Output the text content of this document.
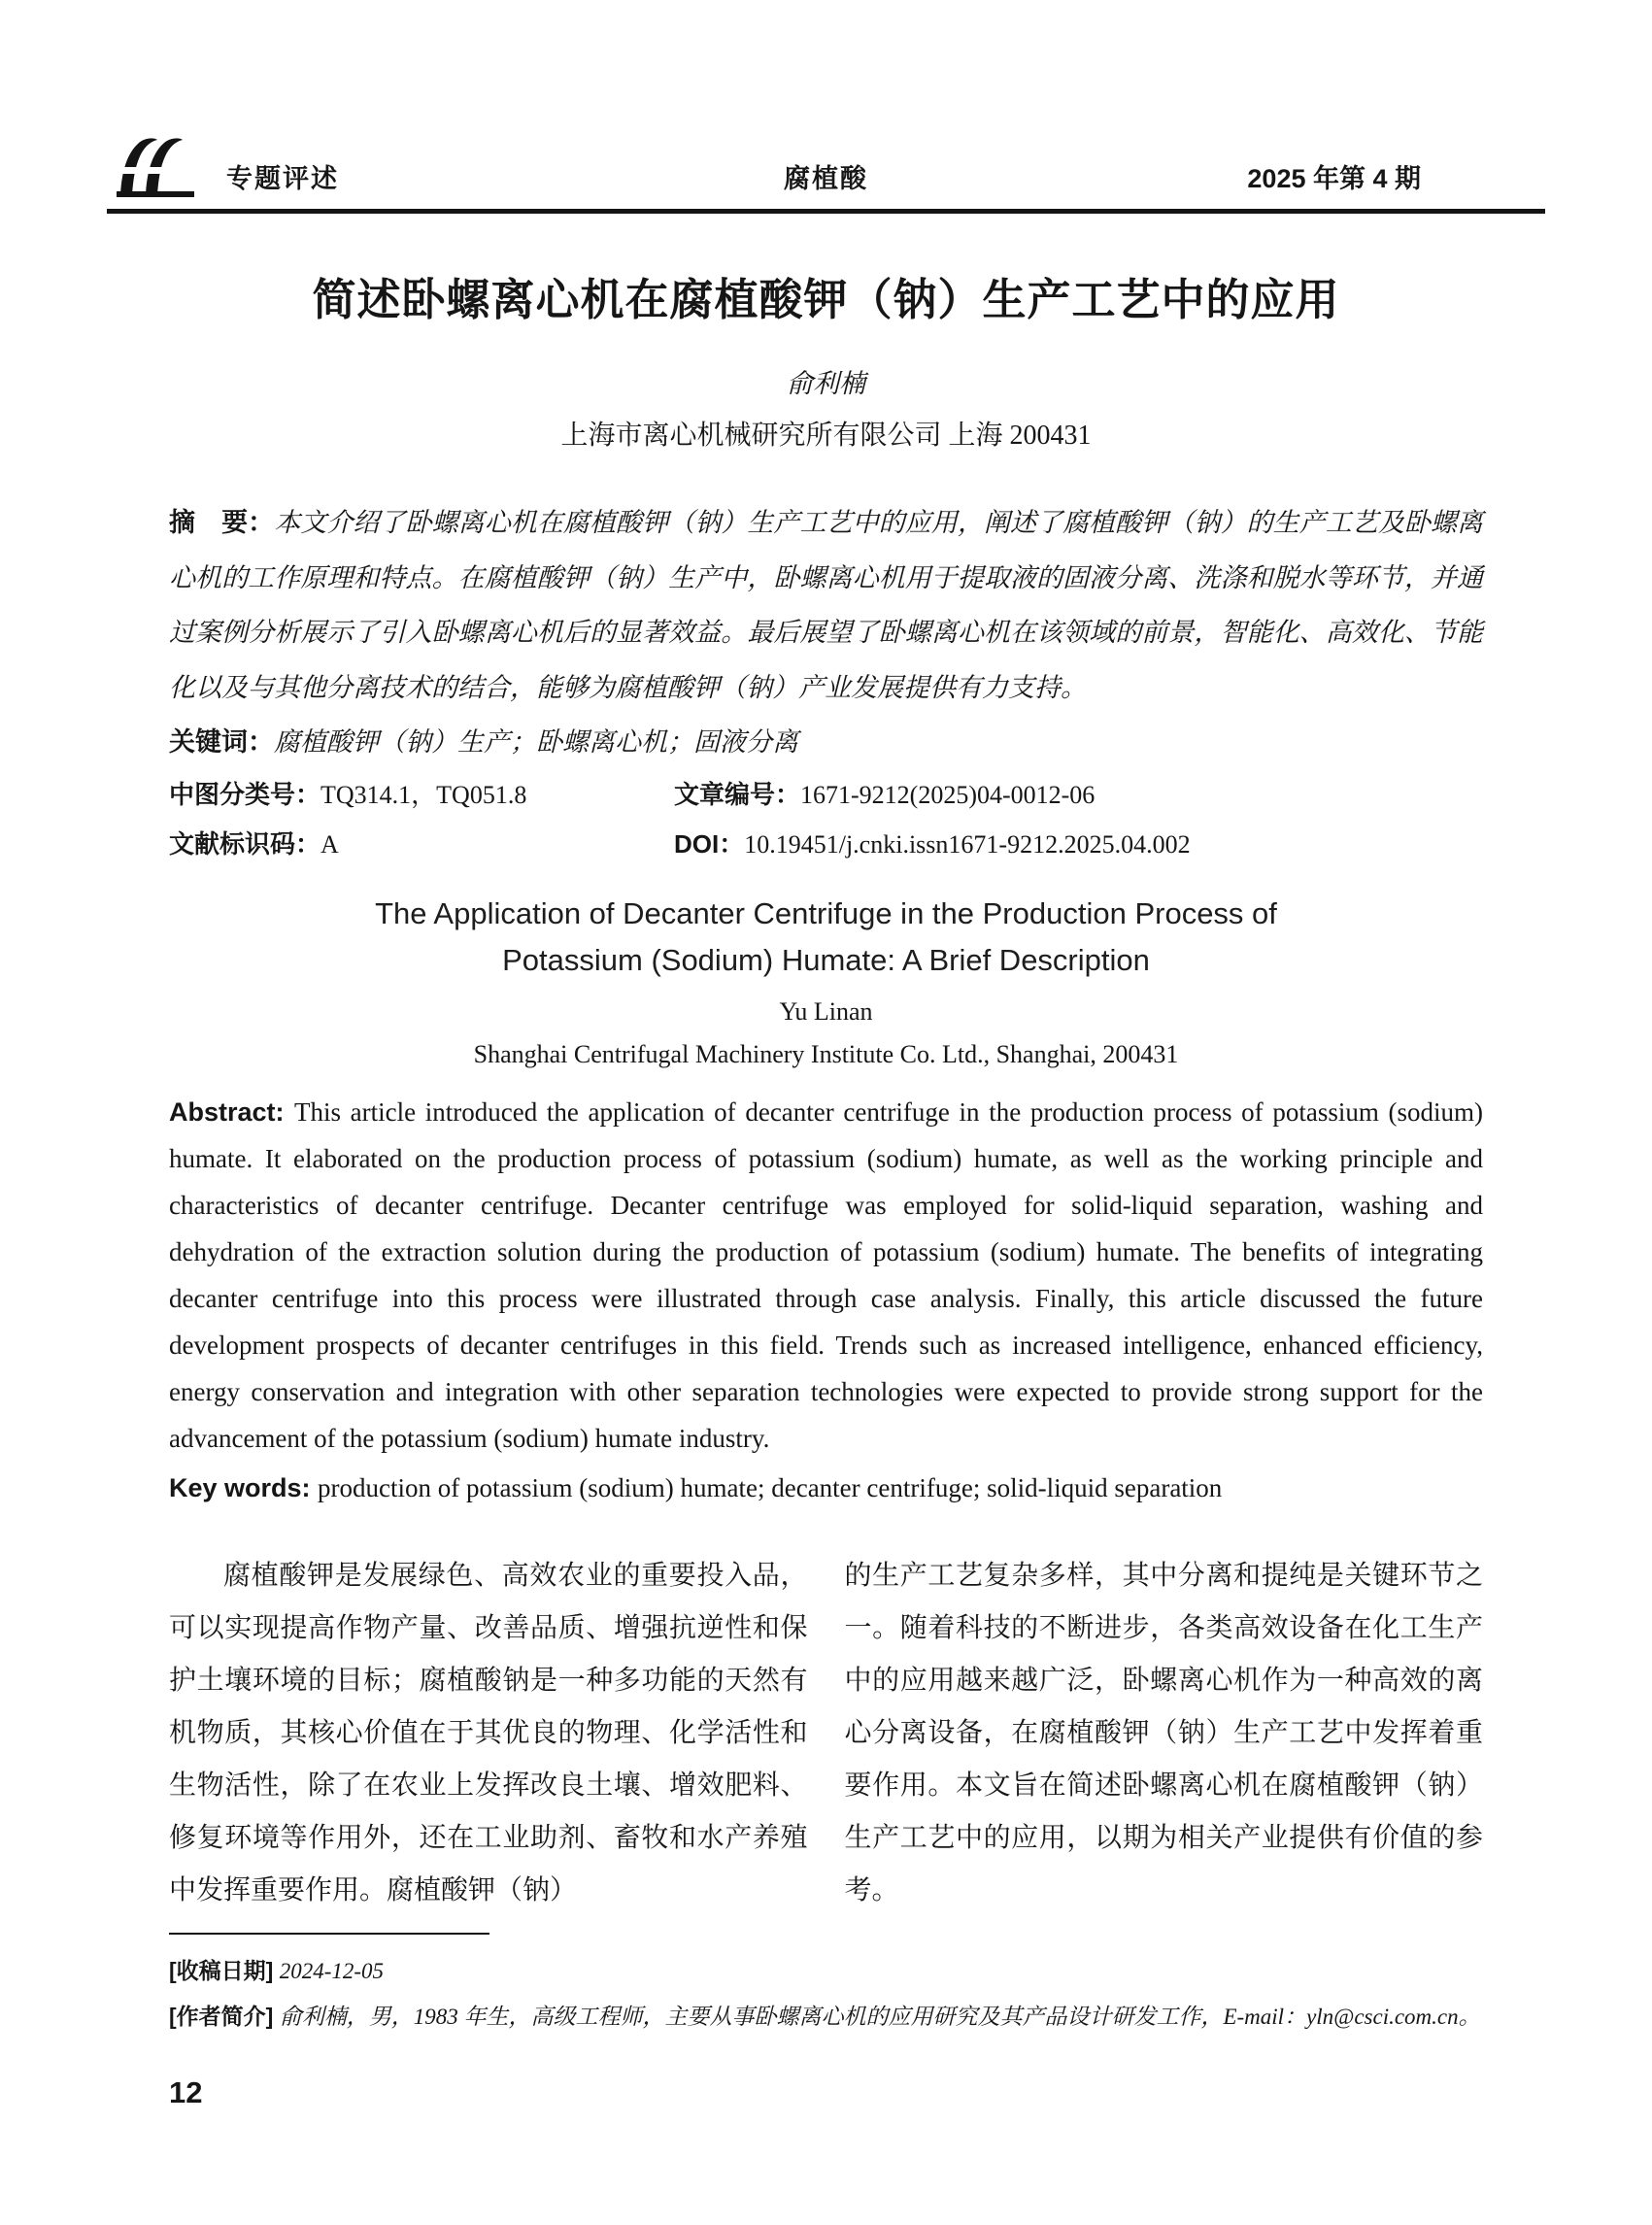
专题评述	腐植酸	2025 年第 4 期
简述卧螺离心机在腐植酸钾（钠）生产工艺中的应用
俞利楠
上海市离心机械研究所有限公司 上海 200431

摘　要：本文介绍了卧螺离心机在腐植酸钾（钠）生产工艺中的应用，阐述了腐植酸钾（钠）的生产工艺及卧螺离心机的工作原理和特点。在腐植酸钾（钠）生产中，卧螺离心机用于提取液的固液分离、洗涤和脱水等环节，并通过案例分析展示了引入卧螺离心机后的显著效益。最后展望了卧螺离心机在该领域的前景，智能化、高效化、节能化以及与其他分离技术的结合，能够为腐植酸钾（钠）产业发展提供有力支持。

关键词：腐植酸钾（钠）生产；卧螺离心机；固液分离

中图分类号：TQ314.1，TQ051.8	文章编号：1671-9212(2025)04-0012-06
文献标识码：A	DOI：10.19451/j.cnki.issn1671-9212.2025.04.002
The Application of Decanter Centrifuge in the Production Process of
Potassium (Sodium) Humate: A Brief Description
Yu Linan
Shanghai Centrifugal Machinery Institute Co. Ltd., Shanghai, 200431

Abstract: This article introduced the application of decanter centrifuge in the production process of potassium (sodium) humate. It elaborated on the production process of potassium (sodium) humate, as well as the working principle and characteristics of decanter centrifuge. Decanter centrifuge was employed for solid-liquid separation, washing and dehydration of the extraction solution during the production of potassium (sodium) humate. The benefits of integrating decanter centrifuge into this process were illustrated through case analysis. Finally, this article discussed the future development prospects of decanter centrifuges in this field. Trends such as increased intelligence, enhanced efficiency, energy conservation and integration with other separation technologies were expected to provide strong support for the advancement of the potassium (sodium) humate industry.

Key words: production of potassium (sodium) humate; decanter centrifuge; solid-liquid separation

腐植酸钾是发展绿色、高效农业的重要投入品，可以实现提高作物产量、改善品质、增强抗逆性和保护土壤环境的目标；腐植酸钠是一种多功能的天然有机物质，其核心价值在于其优良的物理、化学活性和生物活性，除了在农业上发挥改良土壤、增效肥料、修复环境等作用外，还在工业助剂、畜牧和水产养殖中发挥重要作用。腐植酸钾（钠）

的生产工艺复杂多样，其中分离和提纯是关键环节之一。随着科技的不断进步，各类高效设备在化工生产中的应用越来越广泛，卧螺离心机作为一种高效的离心分离设备，在腐植酸钾（钠）生产工艺中发挥着重要作用。本文旨在简述卧螺离心机在腐植酸钾（钠）生产工艺中的应用，以期为相关产业提供有价值的参考。

[收稿日期] 2024-12-05
[作者简介] 俞利楠，男，1983 年生，高级工程师，主要从事卧螺离心机的应用研究及其产品设计研发工作，E-mail：yln@csci.com.cn。
12
